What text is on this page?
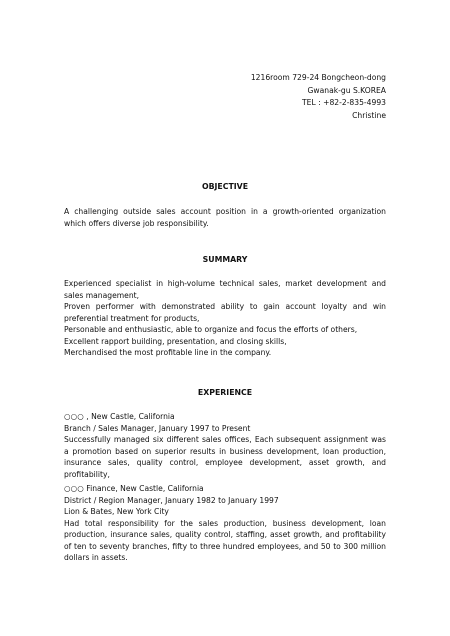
1216room 729-24 Bongcheon-dong
Gwanak-gu S.KOREA
TEL : +82-2-835-4993
Christine
OBJECTIVE
A challenging outside sales account position in a growth-oriented organization which offers diverse job responsibility.
SUMMARY
Experienced specialist in high-volume technical sales, market development and sales management,
Proven performer with demonstrated ability to gain account loyalty and win preferential treatment for products,
Personable and enthusiastic, able to organize and focus the efforts of others,
Excellent rapport building, presentation, and closing skills,
Merchandised the most profitable line in the company.
EXPERIENCE

○○○ , New Castle, California

Branch / Sales Manager, January 1997 to Present

Successfully managed six different sales offices, Each subsequent assignment was a promotion based on superior results in business development, loan production, insurance sales, quality control, employee development, asset growth, and profitability,

○○○ Finance, New Castle, California

District / Region Manager, January 1982 to January 1997

Lion & Bates, New York City

Had total responsibility for the sales production, business development, loan production, insurance sales, quality control, staffing, asset growth, and profitability of ten to seventy branches, fifty to three hundred employees, and 50 to 300 million dollars in assets.
